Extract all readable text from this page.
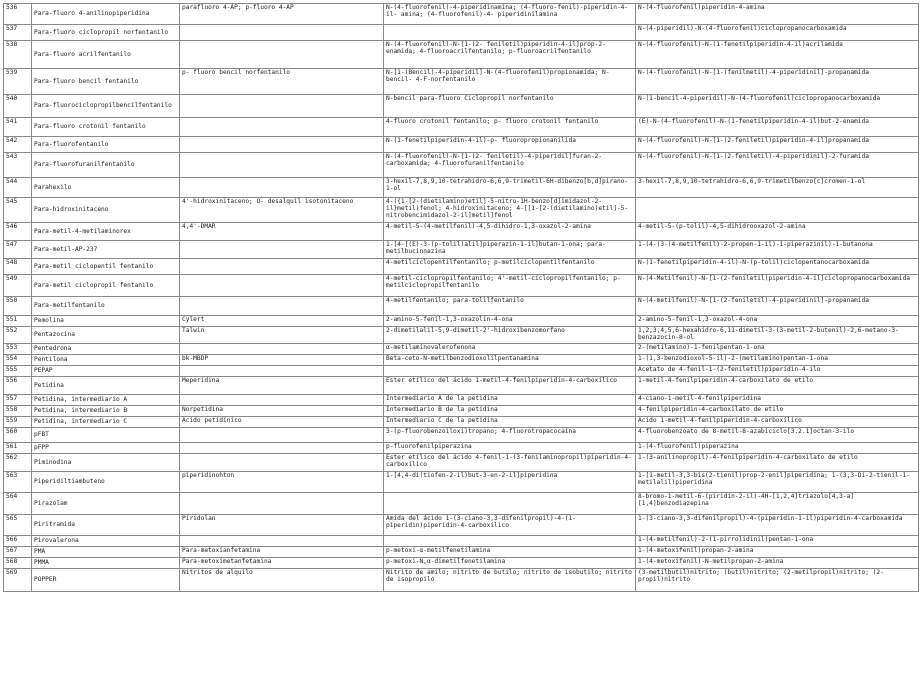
536	Para-fluoro 4-anilinopiperidina	parafluoro 4-AP; p-fluoro 4-AP	N-(4-fluorofenil)-4-piperidinamina; (4-fluoro-fenil)-piperidin-4-il- amina; (4-fluorofenil)-4- piperidinilamina	N-(4-fluorofenil)piperidin-4-amina
537	Para-fluoro ciclopropil norfentanilo			N-(4-piperidil)-N-(4-fluorofenil)ciclopropanocarboxamida
538	Para-fluoro acrilfentanilo		N-(4-fluorofenil)-N-[1-(2- feniletil)piperidin-4-il]prop-2- enamida; 4-fluoroacrilfentanilo; p-fluoroacrilfentanilo	N-(4-fluorofenil)-N-(1-fenetilpiperidin-4-il)acrilamida
539	Para-fluoro bencil fentanilo	p- fluoro bencil norfentanilo	N-[1-(Bencil)-4-piperidil]-N-(4-fluorofenil)propionamida; N-bencil- 4-F-norfentanilo	N-(4-fluorofenil)-N-[1-(fenilmetil)-4-piperidinil]-propanamida
540	Para-fluorociclopropilbencilfentanilo		N-bencil para-fluoro Ciclopropil norfentanilo	N-(1-bencil-4-piperidil)-N-(4-fluorofenil)ciclopropanocarboxamida
541	Para-fluoro crotonil fentanilo		4-fluoro crotonil fentanilo; p- fluoro crotonil fentanilo	(E)-N-(4-fluorofenil)-N-(1-fenetilpiperidin-4-il)but-2-enamida
542	Para-fluorofentanilo		N-(1-fenetilpiperidin-4-il)-p- fluoropropionanilida	N-(4-fluorofenil)-N-[1-(2-feniletil)piperidin-4-il]propanamida
543	Para-fluorofuranilfentanilo		N-(4-fluorofenil)-N-[1-(2- feniletil)-4-piperidil]furan-2-carboxamida; 4-fluorofuranilfentanilo	N-(4-fluorofenil)-N-[1-(2-feniletil)-4-piperidinil]-2-furamida
544	Parahexilo		3-hexil-7,8,9,10-tetrahidro-6,6,9-trimetil-6H-dibenzo[b,d]pirano-1-ol	3-hexil-7,8,9,10-tetrahidro-6,6,9-trimetilbenzo[c]cromen-1-ol
545	Para-hidroxinitaceno	4'-hidroxinitaceno; O- desalquil isotonitaceno	4-({1-[2-(dietilamino)etil]-5-nitro-1H-benzo[d]imidazol-2-il}metil)fenol; 4-hidroxinitaceno; 4-[[1-[2-(dietilamino)etil]-5-nitrobencimidazol-2-il]metil]fenol	
546	Para-metil-4-metilaminorex	4,4'-DMAR	4-metil-5-(4-metilfenil)-4,5-dihidro-1,3-oxazol-2-amina	4-metil-5-(p-tolil)-4,5-dihidrooxazol-2-amina
547	Para-metil-AP-237		1-[4-[(E)-3-(p-tolil)alil]piperazin-1-il]butan-1-ona; para-metilbucinnazina	1-(4-(3-(4-metilfenil)-2-propen-1-il)-1-piperazinil)-1-butanona
548	Para-metil ciclopentil fentanilo		4-metilciclopentilfentanilo; p-metilciclopentilfentanilo	N-(1-fenetilpiperidin-4-il)-N-(p-tolil)ciclopentanocarboxamida
549	Para-metil ciclopropil fentanilo		4-metil-ciclopropilfentanilo; 4'-metil-ciclopropilfentanilo; p-metilciclopropilfentanilo	N-(4-Metilfenil)-N-[1-(2-feniletil)piperidin-4-il]ciclopropanocarboxamida
550	Para-metilfentanilo		4-metilfentanilo; para-tolilfentanilo	N-(4-metilfenil)-N-[1-(2-feniletil)-4-piperidinil]-propanamida
551	Pemolina	Cylert	2-amino-5-fenil-1,3-oxazolin-4-ona	2-amino-5-fenil-1,3-oxazol-4-ona
552	Pentazocina	Talwin	2-dimetilalil-5,9-dimetil-2'-hidroxibenzomorfano	1,2,3,4,5,6-hexahidro-6,11-dimetil-3-(3-metil-2-butenil)-2,6-metano-3-benzazocin-8-ol
553	Pentedrona		α-metilaminovalerofenona	2-(metilamino)-1-fenilpentan-1-ona
554	Pentilona	bk-MBDP	Beta-ceto-N-metilbenzodioxolilpentanamina	1-(1,3-benzodioxol-5-il)-2-(metilamino)pentan-1-ona
555	PEPAP			Acetato de 4-fenil-1-(2-feniletil)piperidin-4-ilo
556	Petidina	Meperidina	Éster etílico del ácido 1-metil-4-fenilpiperidin-4-carboxílico	1-metil-4-fenilpiperidin-4-carboxilato de etilo
557	Petidina, intermediario A		Intermediario A de la petidina	4-ciano-1-metil-4-fenilpiperidina
558	Petidina, intermediario B	Norpetidina	Intermediario B de la petidina	4-fenilpiperidin-4-carboxilato de etilo
559	Petidina, intermediario C	Ácido petidínico	Intermediario C de la petidina	Ácido 1-metil-4-fenilpiperidin-4-carboxílico
560	pFBT		3-(p-fluorobenzoiloxi)tropano; 4-fluorotropacocaína	4-fluorobenzoato de 8-metil-8-azabiciclo[3.2.1]octan-3-ilo
561	pFPP		p-fluorofenilpiperazina	1-(4-fluorofenil)piperazina
562	Piminodina		Éster etílico del ácido 4-fenil-1-(3-fenilaminopropil)piperidin-4-carboxílico	1-(3-anilinopropil)-4-fenilpiperidin-4-carboxilato de etilo
563	Piperidiltiambuteno	piperidinohton	1-[4,4-di(tiofen-2-il)but-3-en-2-il]piperidina	1-[1-metil-3,3-bis(2-tienil)prop-2-enil]piperidina; 1-(3,3-Di-2-tienil-1-metilalil)piperidina
564	Pirazolam			8-bromo-1-metil-6-(piridin-2-il)-4H-[1,2,4]triazolo[4,3-a][1,4]benzodiazepina
565	Piritramida	Piridolan	Amida del ácido 1-(3-ciano-3,3-difenilpropil)-4-(1-piperidin)piperidin-4-carboxílico	1-(3-ciano-3,3-difenilpropil)-4-(piperidin-1-il)piperidin-4-carboxamida
566	Pirovalerona			1-(4-metilfenil)-2-(1-pirrolidinil)pentan-1-ona
567	PMA	Para-metoxianfetamina	p-metoxi-α-metilfenetilamina	1-(4-metoxifenil)propan-2-amina
568	PMMA	Para-metoximetanfetamina	p-metoxi-N,α-dimetilfenetilamina	1-(4-metoxifenil)-N-metilpropan-2-amina
569	POPPER	Nitritos de alquilo	Nitrito de amilo; nitrito de butilo; nitrito de isobutilo; nitrito de isopropilo	(3-metilbutil)nitrito; (butil)nitrito; (2-metilpropil)nitrito; (2-propil)nitrito
